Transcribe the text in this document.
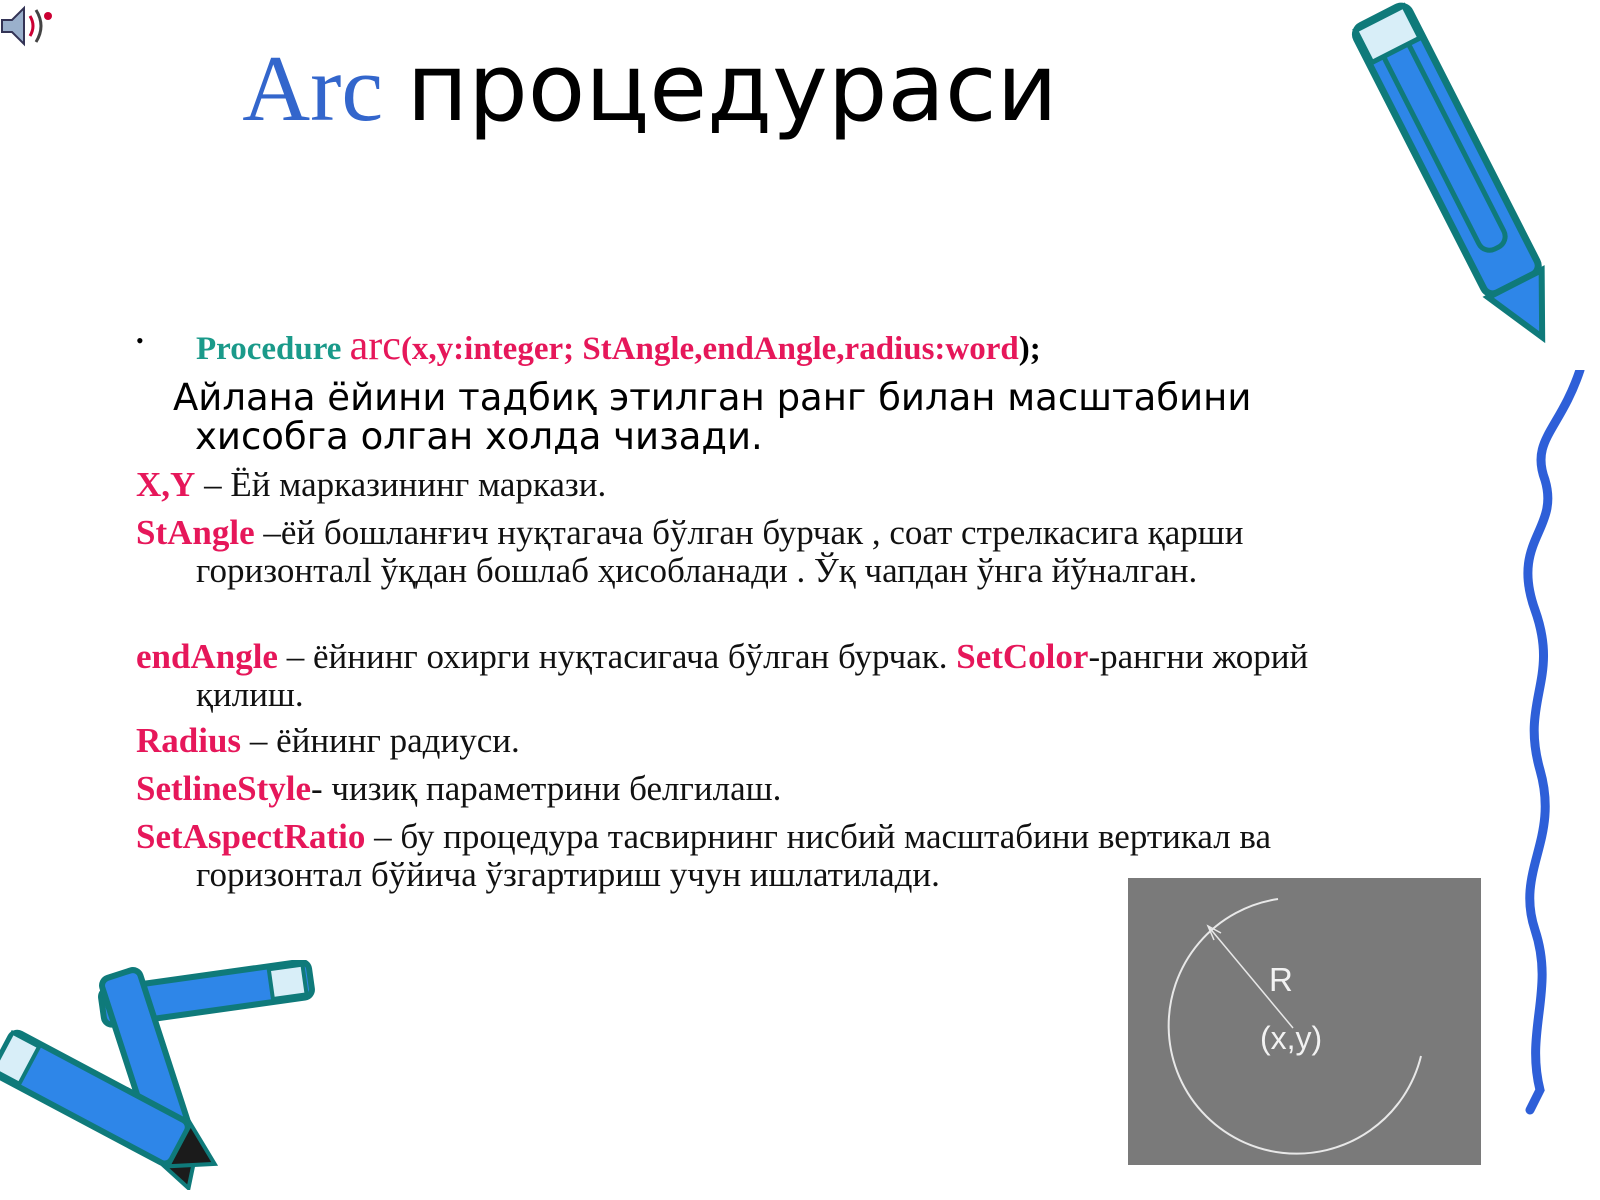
Arc процедураси
• Procedure arc(x,y:integer; StAngle,endAngle,radius:word);
Айлана ёйини тадбиқ этилган ранг билан масштабини хисобга олган холда чизади.
X,Y – Ёй марказининг маркази.
StAngle –ёй бошланғич нуқтагача бўлган бурчак , соат стрелкасига қарши горизонталl ўқдан бошлаб ҳисобланади . Ўқ чапдан ўнга йўналган.
endAngle – ёйнинг охирги нуқтасигача бўлган бурчак. SetColor-рангни жорий қилиш.
Radius – ёйнинг радиуси.
SetlineStyle- чизиқ параметрини белгилаш.
SetAspectRatio – бу процедура тасвирнинг нисбий масштабини вертикал ва горизонтал бўйича ўзгартириш учун ишлатилади.
R
(x,y)
